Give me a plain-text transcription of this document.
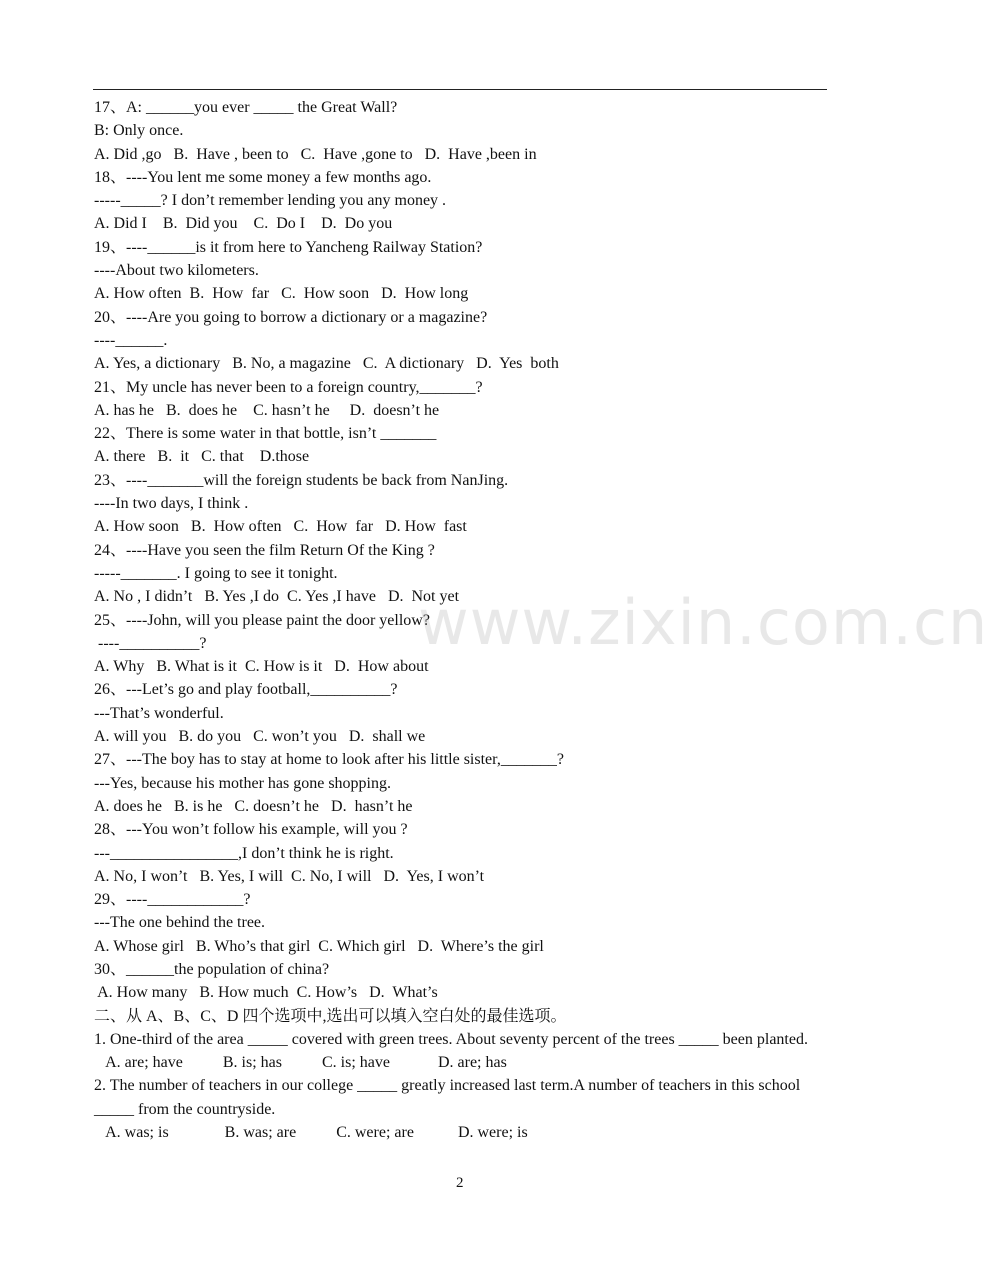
17、A: ______you ever _____ the Great Wall?
B: Only once.
A. Did ,go   B.  Have , been to   C.  Have ,gone to   D.  Have ,been in
18、----You lent me some money a few months ago.
-----_____? I don’t remember lending you any money .
A. Did I    B.  Did you    C.  Do I    D.  Do you
19、----______is it from here to Yancheng Railway Station?
----About two kilometers.
A. How often  B.  How  far   C.  How soon   D.  How long
20、----Are you going to borrow a dictionary or a magazine?
----______.
A. Yes, a dictionary   B. No, a magazine   C.  A dictionary   D.  Yes  both
21、My uncle has never been to a foreign country,_______?
A. has he   B.  does he    C. hasn’t he     D.  doesn’t he
22、There is some water in that bottle, isn’t _______
A. there   B.  it   C. that    D.those
23、----_______will the foreign students be back from NanJing.
----In two days, I think .
A. How soon   B.  How often   C.  How  far   D. How  fast
24、----Have you seen the film Return Of the King ?
-----_______. I going to see it tonight.
A. No , I didn’t   B. Yes ,I do  C. Yes ,I have   D.  Not yet
25、----John, will you please paint the door yellow?
----__________?
A. Why   B. What is it  C. How is it   D.  How about
26、---Let’s go and play football,__________?
---That’s wonderful.
A. will you   B. do you   C. won’t you   D.  shall we
27、---The boy has to stay at home to look after his little sister,_______?
---Yes, because his mother has gone shopping.
A. does he   B. is he   C. doesn’t he   D.  hasn’t he
28、---You won’t follow his example, will you ?
---________________,I don’t think he is right.
A. No, I won’t   B. Yes, I will  C. No, I will   D.  Yes, I won’t
29、----____________?
---The one behind the tree.
A. Whose girl   B. Who’s that girl  C. Which girl   D.  Where’s the girl
30、______the population of china?
A. How many   B. How much  C. How’s   D.  What’s
二、从 A、B、C、D 四个选项中,选出可以填入空白处的最佳选项。
1. One-third of the area _____ covered with green trees. About seventy percent of the trees _____ been planted.
A. are; have          B. is; has          C. is; have            D. are; has
2. The number of teachers in our college _____ greatly increased last term.A number of teachers in this school _____ from the countryside.
A. was; is              B. was; are          C. were; are           D. were; is
www.zixin.com.cn
2
